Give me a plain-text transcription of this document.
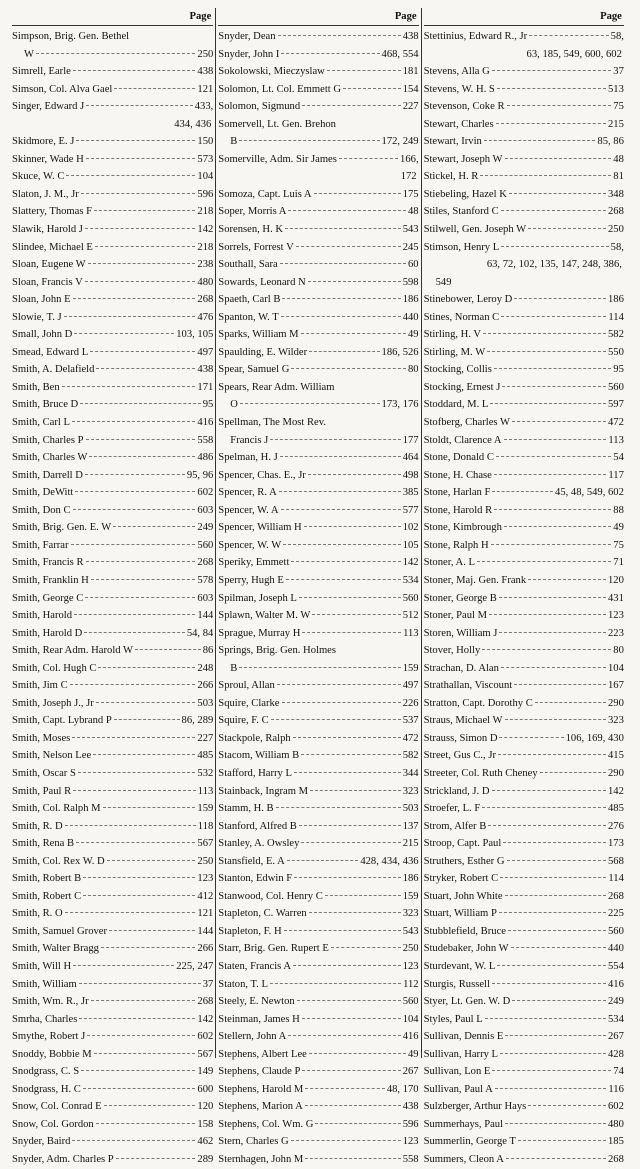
Page
Simpson, Brig. Gen. Bethel
W	250
Simrell, Earle	438
Simson, Col. Alva Gael	121
Singer, Edward J	433,
434, 436
Skidmore, E. J	150
Skinner, Wade H	573
Skuce, W. C	104
Slaton, J. M., Jr	596
Slattery, Thomas F	218
Slawik, Harold J	142
Slindee, Michael E	218
Sloan, Eugene W	238
Sloan, Francis V	480
Sloan, John E	268
Slowie, T. J	476
Small, John D	103, 105
Smead, Edward L	497
Smith, A. Delafield	438
Smith, Ben	171
Smith, Bruce D	95
Smith, Carl L	416
Smith, Charles P	558
Smith, Charles W	486
Smith, Darrell D	95, 96
Smith, DeWitt	602
Smith, Don C	603
Smith, Brig. Gen. E. W	249
Smith, Farrar	560
Smith, Francis R	268
Smith, Franklin H	578
Smith, George C	603
Smith, Harold	144
Smith, Harold D	54, 84
Smith, Rear Adm. Harold W	86
Smith, Col. Hugh C	248
Smith, Jim C	266
Smith, Joseph J., Jr	503
Smith, Capt. Lybrand P	86, 289
Smith, Moses	227
Smith, Nelson Lee	485
Smith, Oscar S	532
Smith, Paul R	113
Smith, Col. Ralph M	159
Smith, R. D	118
Smith, Rena B	567
Smith, Col. Rex W. D	250
Smith, Robert B	123
Smith, Robert C	412
Smith, R. O	121
Smith, Samuel Grover	144
Smith, Walter Bragg	266
Smith, Will H	225, 247
Smith, William	37
Smith, Wm. R., Jr	268
Smrha, Charles	142
Smythe, Robert J	602
Snoddy, Bobbie M	567
Snodgrass, C. S	149
Snodgrass, H. C	600
Snow, Col. Conrad E	120
Snow, Col. Gordon	158
Snyder, Baird	462
Snyder, Adm. Charles P	289
Page
Snyder, Dean	438
Snyder, John I	468, 554
Sokolowski, Mieczyslaw	181
Solomon, Lt. Col. Emmett G	154
Solomon, Sigmund	227
Somervell, Lt. Gen. Brehon
B	172, 249
Somerville, Adm. Sir James	166,
172
Somoza, Capt. Luis A	175
Soper, Morris A	48
Sorensen, H. K	543
Sorrels, Forrest V	245
Southall, Sara	60
Sowards, Leonard N	598
Spaeth, Carl B	186
Spanton, W. T	440
Sparks, William M	49
Spaulding, E. Wilder	186, 526
Spear, Samuel G	80
Spears, Rear Adm. William
O	173, 176
Spellman, The Most Rev.
Francis J	177
Spelman, H. J	464
Spencer, Chas. E., Jr	498
Spencer, R. A	385
Spencer, W. A	577
Spencer, William H	102
Spencer, W. W	105
Speriky, Emmett	142
Sperry, Hugh E	534
Spilman, Joseph L	560
Splawn, Walter M. W	512
Sprague, Murray H	113
Springs, Brig. Gen. Holmes
B	159
Sproul, Allan	497
Squire, Clarke	226
Squire, F. C	537
Stackpole, Ralph	472
Stacom, William B	582
Stafford, Harry L	344
Stainback, Ingram M	323
Stamm, H. B	503
Stanford, Alfred B	137
Stanley, A. Owsley	215
Stansfield, E. A	428, 434, 436
Stanton, Edwin F	186
Stanwood, Col. Henry C	159
Stapleton, C. Warren	323
Stapleton, F. H	543
Starr, Brig. Gen. Rupert E	250
Staten, Francis A	123
Staton, T. L	112
Steely, E. Newton	560
Steinman, James H	104
Stellern, John A	416
Stephens, Albert Lee	49
Stephens, Claude P	267
Stephens, Harold M	48, 170
Stephens, Marion A	438
Stephens, Col. Wm. G	596
Stern, Charles G	123
Sternhagen, John M	558
Page
Stettinius, Edward R., Jr	58,
63, 185, 549, 600, 602
Stevens, Alla G	37
Stevens, W. H. S	513
Stevenson, Coke R	75
Stewart, Charles	215
Stewart, Irvin	85, 86
Stewart, Joseph W	48
Stickel, H. R	81
Stiebeling, Hazel K	348
Stiles, Stanford C	268
Stilwell, Gen. Joseph W	250
Stimson, Henry L	58,
63, 72, 102, 135, 147, 248, 386,
549
Stinebower, Leroy D	186
Stines, Norman C	114
Stirling, H. V	582
Stirling, M. W	550
Stocking, Collis	95
Stocking, Ernest J	560
Stoddard, M. L	597
Stofberg, Charles W	472
Stoldt, Clarence A	113
Stone, Donald C	54
Stone, H. Chase	117
Stone, Harlan F	45, 48, 549, 602
Stone, Harold R	88
Stone, Kimbrough	49
Stone, Ralph H	75
Stoner, A. L	71
Stoner, Maj. Gen. Frank	120
Stoner, George B	431
Stoner, Paul M	123
Storen, William J	223
Stover, Holly	80
Strachan, D. Alan	104
Strathallan, Viscount	167
Stratton, Capt. Dorothy C	290
Straus, Michael W	323
Strauss, Simon D	106, 169, 430
Street, Gus C., Jr	415
Streeter, Col. Ruth Cheney	290
Strickland, J. D	142
Stroefer, L. F	485
Strom, Alfer B	276
Stroop, Capt. Paul	173
Struthers, Esther G	568
Stryker, Robert C	114
Stuart, John White	268
Stuart, William P	225
Stubblefield, Bruce	560
Studebaker, John W	440
Sturdevant, W. L	554
Sturgis, Russell	416
Styer, Lt. Gen. W. D	249
Styles, Paul L	534
Sullivan, Dennis E	267
Sullivan, Harry L	428
Sullivan, Lon E	74
Sullivan, Paul A	116
Sulzberger, Arthur Hays	602
Summerhays, Paul	480
Summerlin, George T	185
Summers, Cleon A	268
